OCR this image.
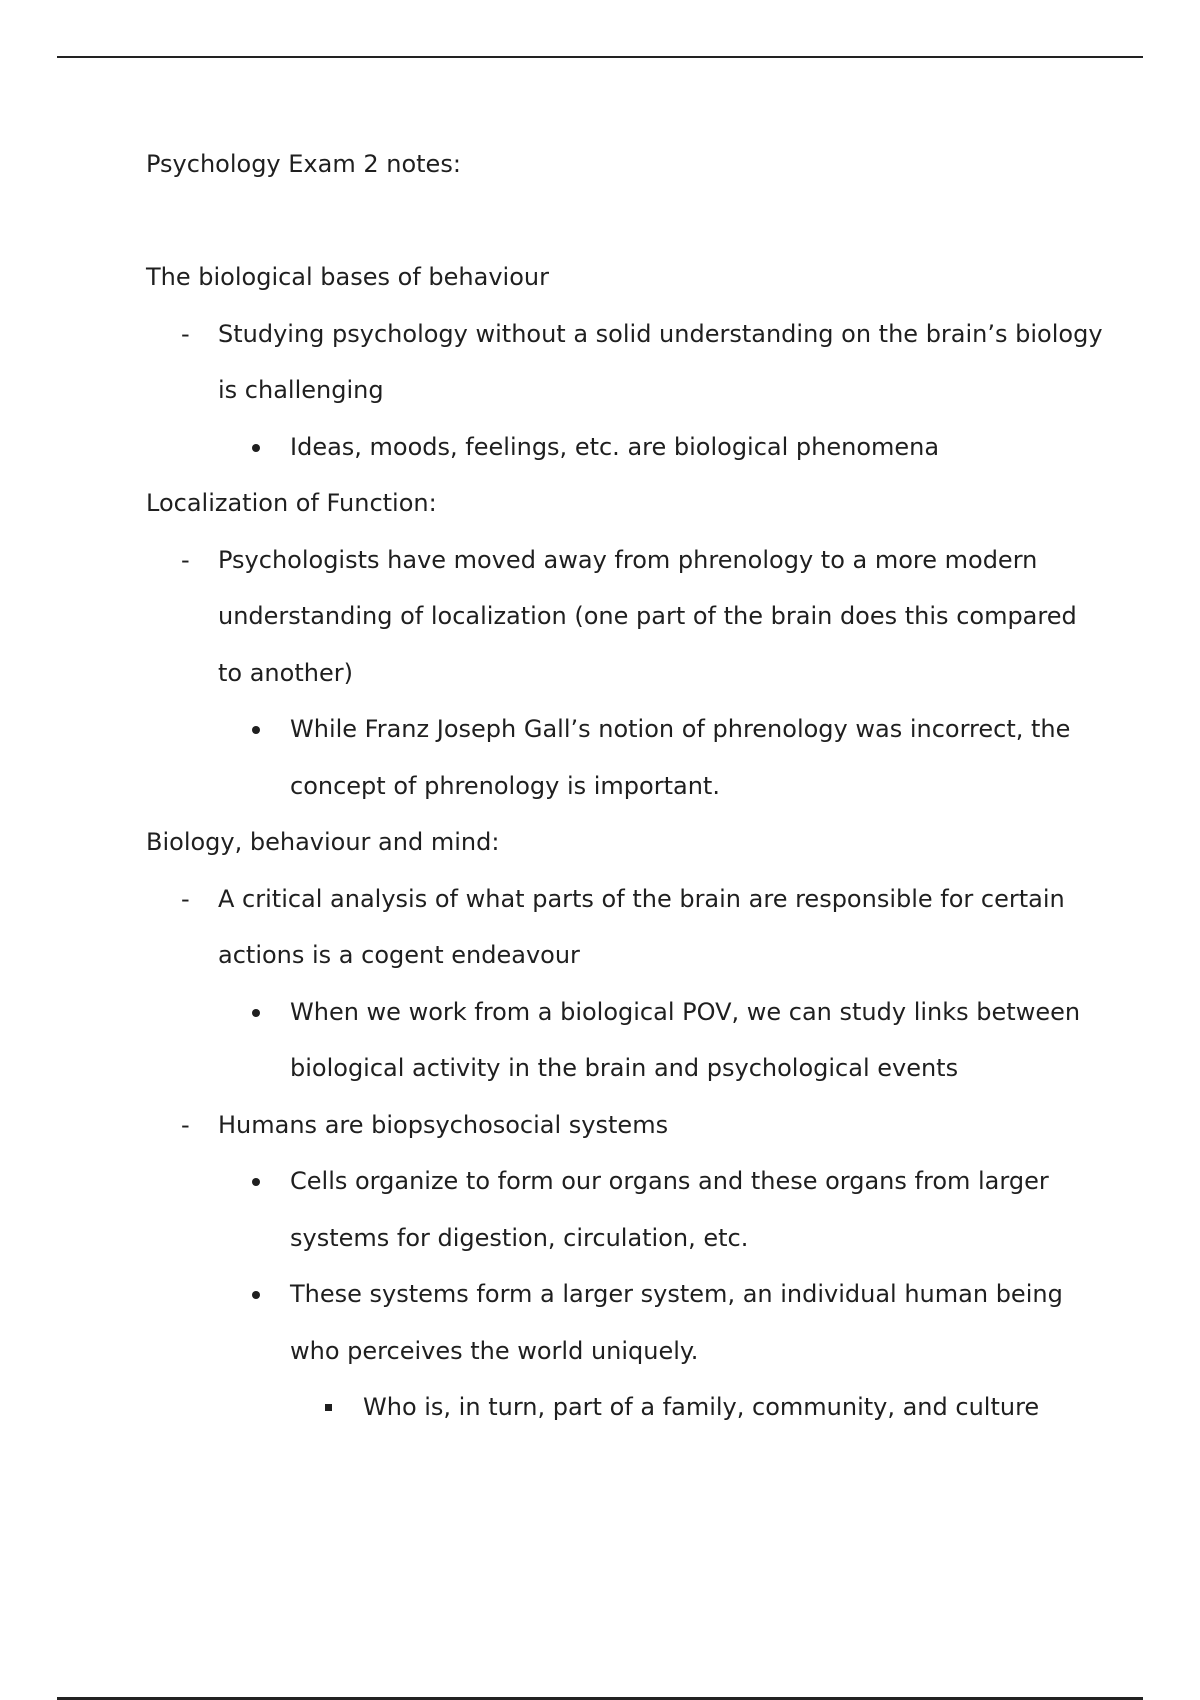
Psychology Exam 2 notes:

The biological bases of behaviour

-
Studying psychology without a solid understanding on the brain’s biology is challenging

Ideas, moods, feelings, etc. are biological phenomena

Localization of Function:

-
Psychologists have moved away from phrenology to a more modern understanding of localization (one part of the brain does this compared to another)

While Franz Joseph Gall’s notion of phrenology was incorrect, the concept of phrenology is important.

Biology, behaviour and mind:

-
A critical analysis of what parts of the brain are responsible for certain actions is a cogent endeavour

When we work from a biological POV, we can study links between biological activity in the brain and psychological events

-
Humans are biopsychosocial systems

Cells organize to form our organs and these organs from larger systems for digestion, circulation, etc.

These systems form a larger system, an individual human being who perceives the world uniquely.

Who is, in turn, part of a family, community, and culture
